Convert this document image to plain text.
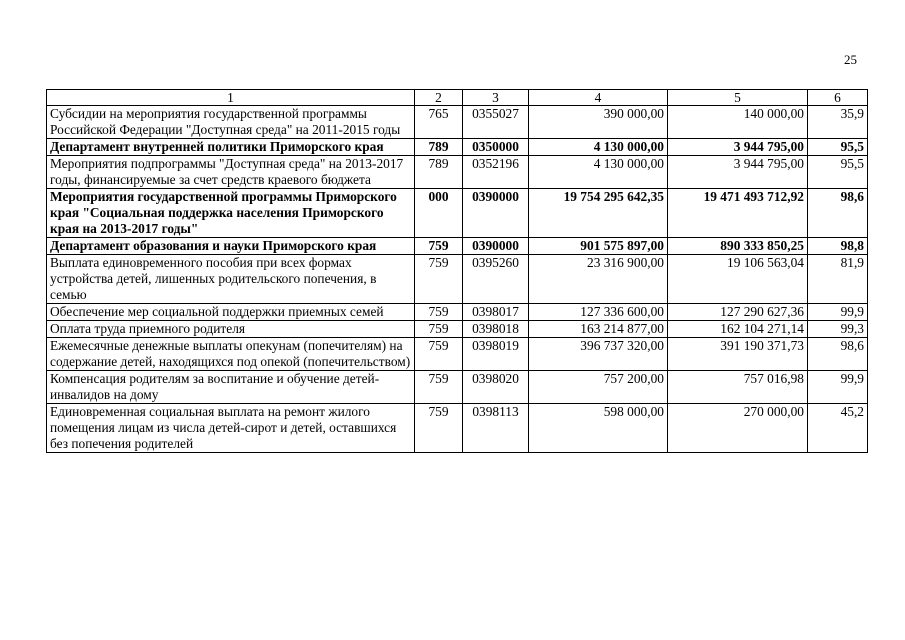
25
1	2	3	4	5	6
Субсидии на мероприятия государственной программы Российской Федерации "Доступная среда" на 2011-2015 годы	765	0355027	390 000,00	140 000,00	35,9
Департамент внутренней политики Приморского края	789	0350000	4 130 000,00	3 944 795,00	95,5
Мероприятия подпрограммы "Доступная среда" на 2013-2017 годы, финансируемые за счет средств краевого бюджета	789	0352196	4 130 000,00	3 944 795,00	95,5
Мероприятия государственной программы Приморского края "Социальная поддержка населения Приморского края на 2013-2017 годы"	000	0390000	19 754 295 642,35	19 471 493 712,92	98,6
Департамент образования и науки Приморского края	759	0390000	901 575 897,00	890 333 850,25	98,8
Выплата единовременного пособия при всех формах устройства детей, лишенных родительского попечения, в семью	759	0395260	23 316 900,00	19 106 563,04	81,9
Обеспечение мер социальной поддержки приемных семей	759	0398017	127 336 600,00	127 290 627,36	99,9
Оплата труда приемного родителя	759	0398018	163 214 877,00	162 104 271,14	99,3
Ежемесячные денежные выплаты опекунам (попечителям) на содержание детей, находящихся под опекой (попечительством)	759	0398019	396 737 320,00	391 190 371,73	98,6
Компенсация родителям за воспитание и обучение детей-инвалидов на дому	759	0398020	757 200,00	757 016,98	99,9
Единовременная социальная выплата на ремонт жилого помещения лицам из числа детей-сирот и детей, оставшихся без попечения родителей	759	0398113	598 000,00	270 000,00	45,2
